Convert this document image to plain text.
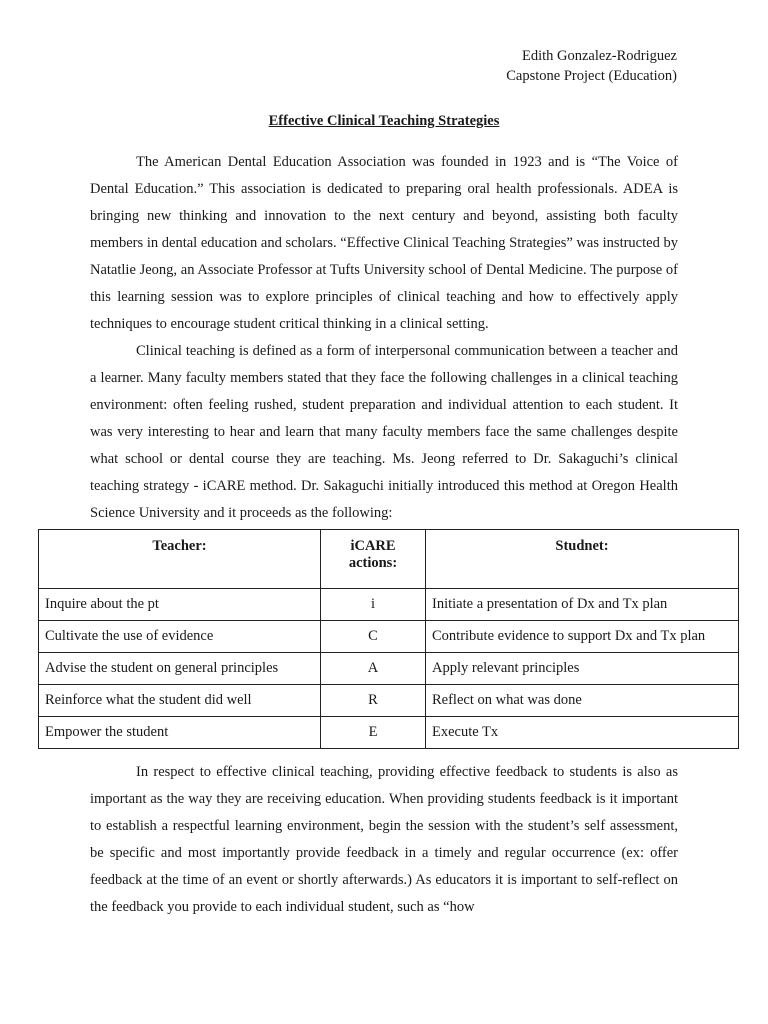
Edith Gonzalez-Rodriguez
Capstone Project (Education)
Effective Clinical Teaching Strategies

The American Dental Education Association was founded in 1923 and is “The Voice of Dental Education.” This association is dedicated to preparing oral health professionals. ADEA is bringing new thinking and innovation to the next century and beyond, assisting both faculty members in dental education and scholars. “Effective Clinical Teaching Strategies” was instructed by Natatlie Jeong, an Associate Professor at Tufts University school of Dental Medicine. The purpose of this learning session was to explore principles of clinical teaching and how to effectively apply techniques to encourage student critical thinking in a clinical setting.

Clinical teaching is defined as a form of interpersonal communication between a teacher and a learner. Many faculty members stated that they face the following challenges in a clinical teaching environment: often feeling rushed, student preparation and individual attention to each student. It was very interesting to hear and learn that many faculty members face the same challenges despite what school or dental course they are teaching. Ms. Jeong referred to Dr. Sakaguchi’s clinical teaching strategy - iCARE method. Dr. Sakaguchi initially introduced this method at Oregon Health Science University and it proceeds as the following:

Teacher:	iCARE actions:	Studnet:
Inquire about the pt	i	Initiate a presentation of Dx and Tx plan
Cultivate the use of evidence	C	Contribute evidence to support Dx and Tx plan
Advise the student on general principles	A	Apply relevant principles
Reinforce what the student did well	R	Reflect on what was done
Empower the student	E	Execute Tx

In respect to effective clinical teaching, providing effective feedback to students is also as important as the way they are receiving education. When providing students feedback is it important to establish a respectful learning environment, begin the session with the student’s self assessment, be specific and most importantly provide feedback in a timely and regular occurrence (ex: offer feedback at the time of an event or shortly afterwards.) As educators it is important to self-reflect on the feedback you provide to each individual student, such as “how
